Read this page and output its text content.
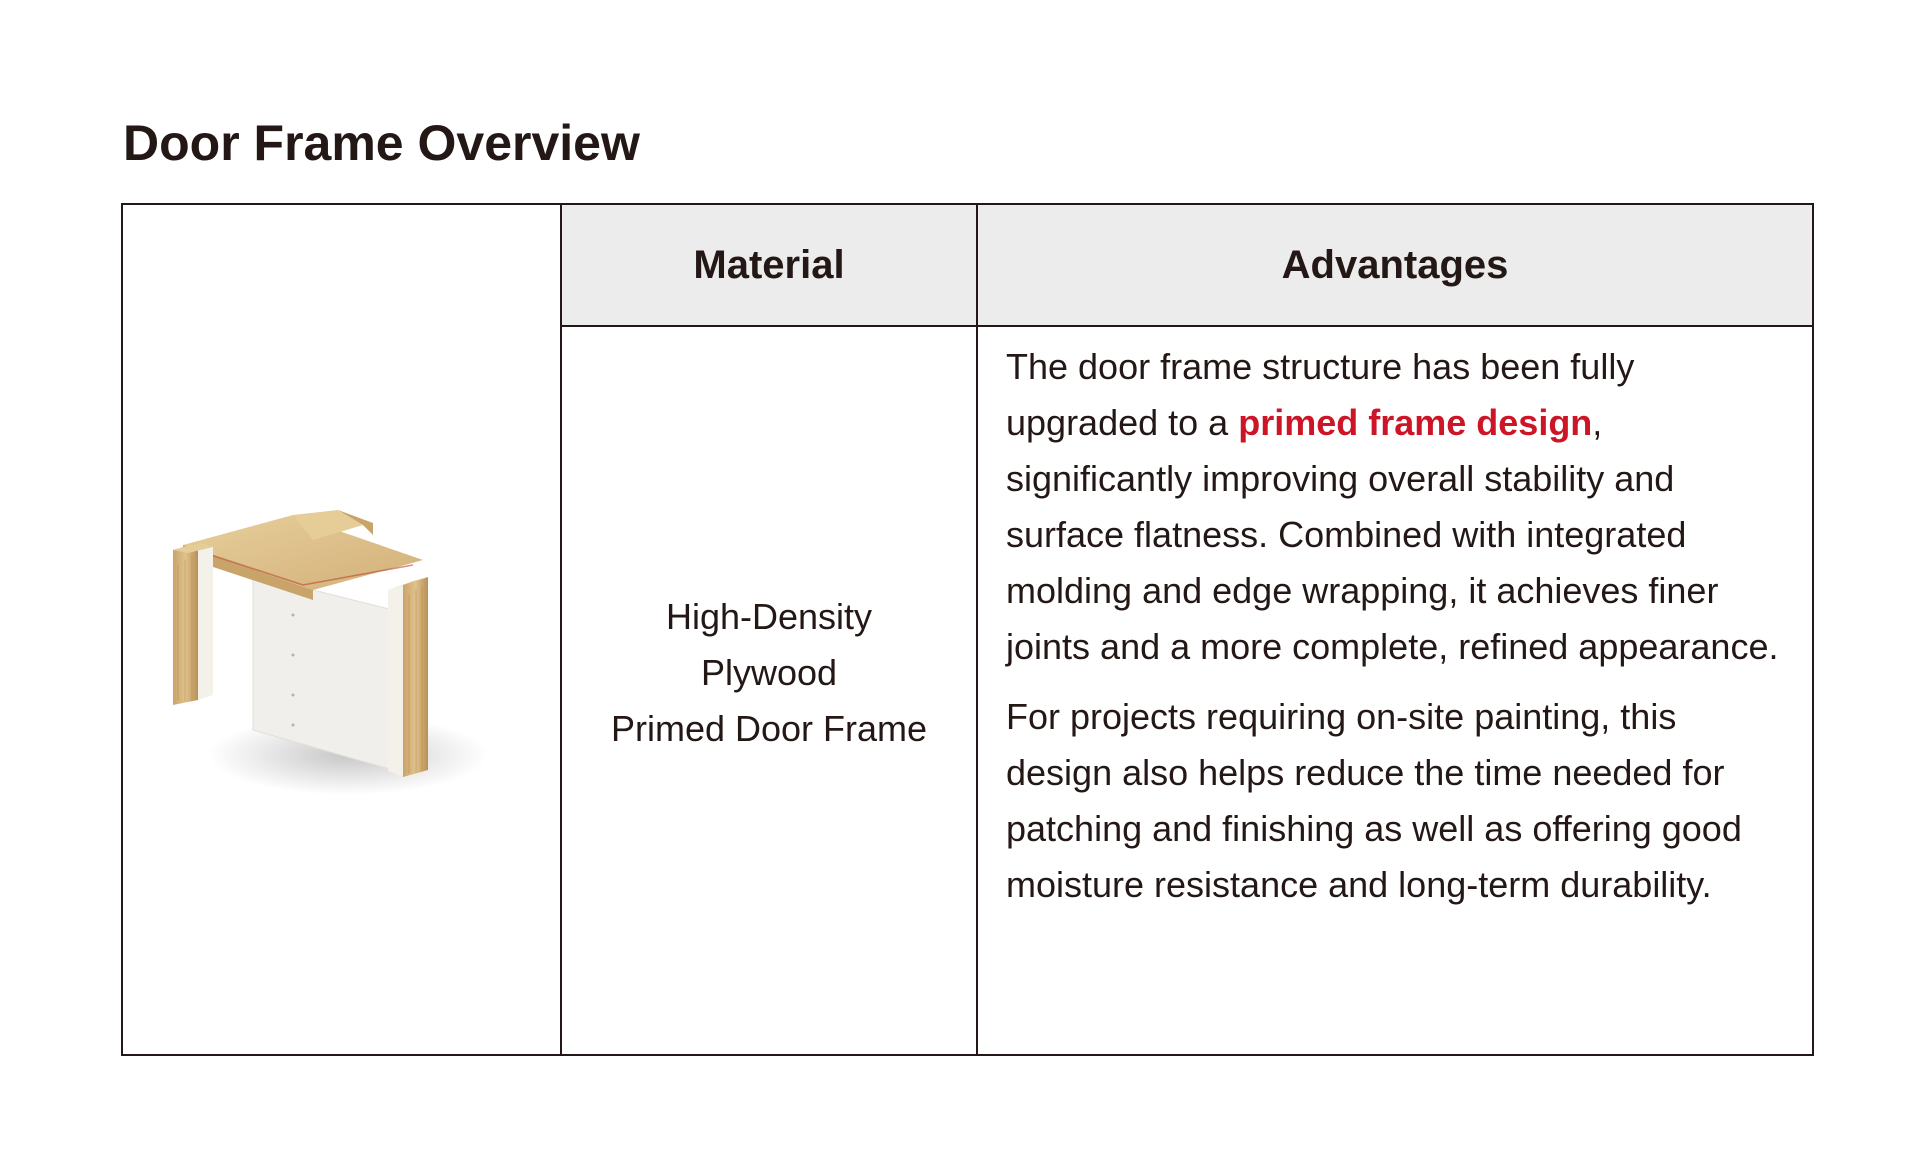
Door Frame Overview
Material	Advantages
High-Density
Plywood
Primed Door Frame

The door frame structure has been fully upgraded to a primed frame design, significantly improving overall stability and surface flatness. Combined with integrated molding and edge wrapping, it achieves finer joints and a more complete, refined appearance.

For projects requiring on-site painting, this design also helps reduce the time needed for patching and finishing as well as offering good moisture resistance and long-term durability.
